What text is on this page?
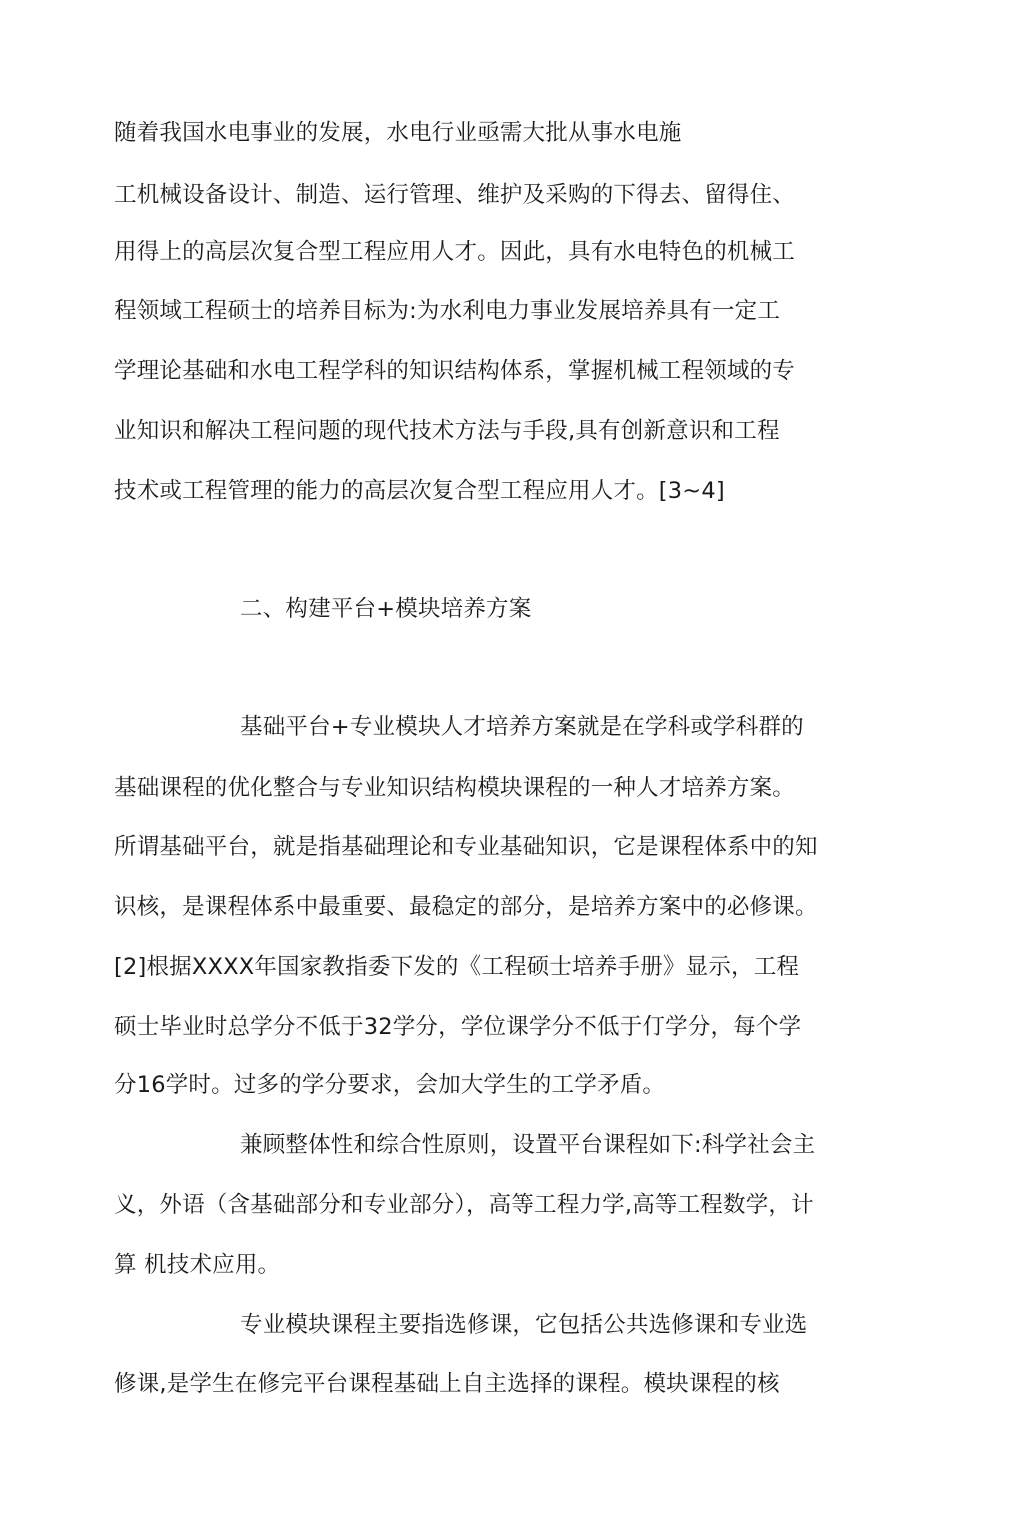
随着我国水电事业的发展，水电行业亟需大批从事水电施
工机械设备设计、制造、运行管理、维护及采购的下得去、留得住、
用得上的高层次复合型工程应用人才。因此，具有水电特色的机械工
程领域工程硕士的培养目标为:为水利电力事业发展培养具有一定工
学理论基础和水电工程学科的知识结构体系，掌握机械工程领域的专
业知识和解决工程问题的现代技术方法与手段,具有创新意识和工程
技术或工程管理的能力的高层次复合型工程应用人才。[3~4]
二、构建平台+模块培养方案
基础平台+专业模块人才培养方案就是在学科或学科群的
基础课程的优化整合与专业知识结构模块课程的一种人才培养方案。
所谓基础平台，就是指基础理论和专业基础知识，它是课程体系中的知
识核，是课程体系中最重要、最稳定的部分，是培养方案中的必修课。
[2]根据XXXX年国家教指委下发的《工程硕士培养手册》显示，工程
硕士毕业时总学分不低于32学分，学位课学分不低于仃学分，每个学
分16学时。过多的学分要求，会加大学生的工学矛盾。
兼顾整体性和综合性原则，设置平台课程如下:科学社会主
义，外语（含基础部分和专业部分），高等工程力学,高等工程数学，计
算 机技术应用。
专业模块课程主要指选修课，它包括公共选修课和专业选
修课,是学生在修完平台课程基础上自主选择的课程。模块课程的核
